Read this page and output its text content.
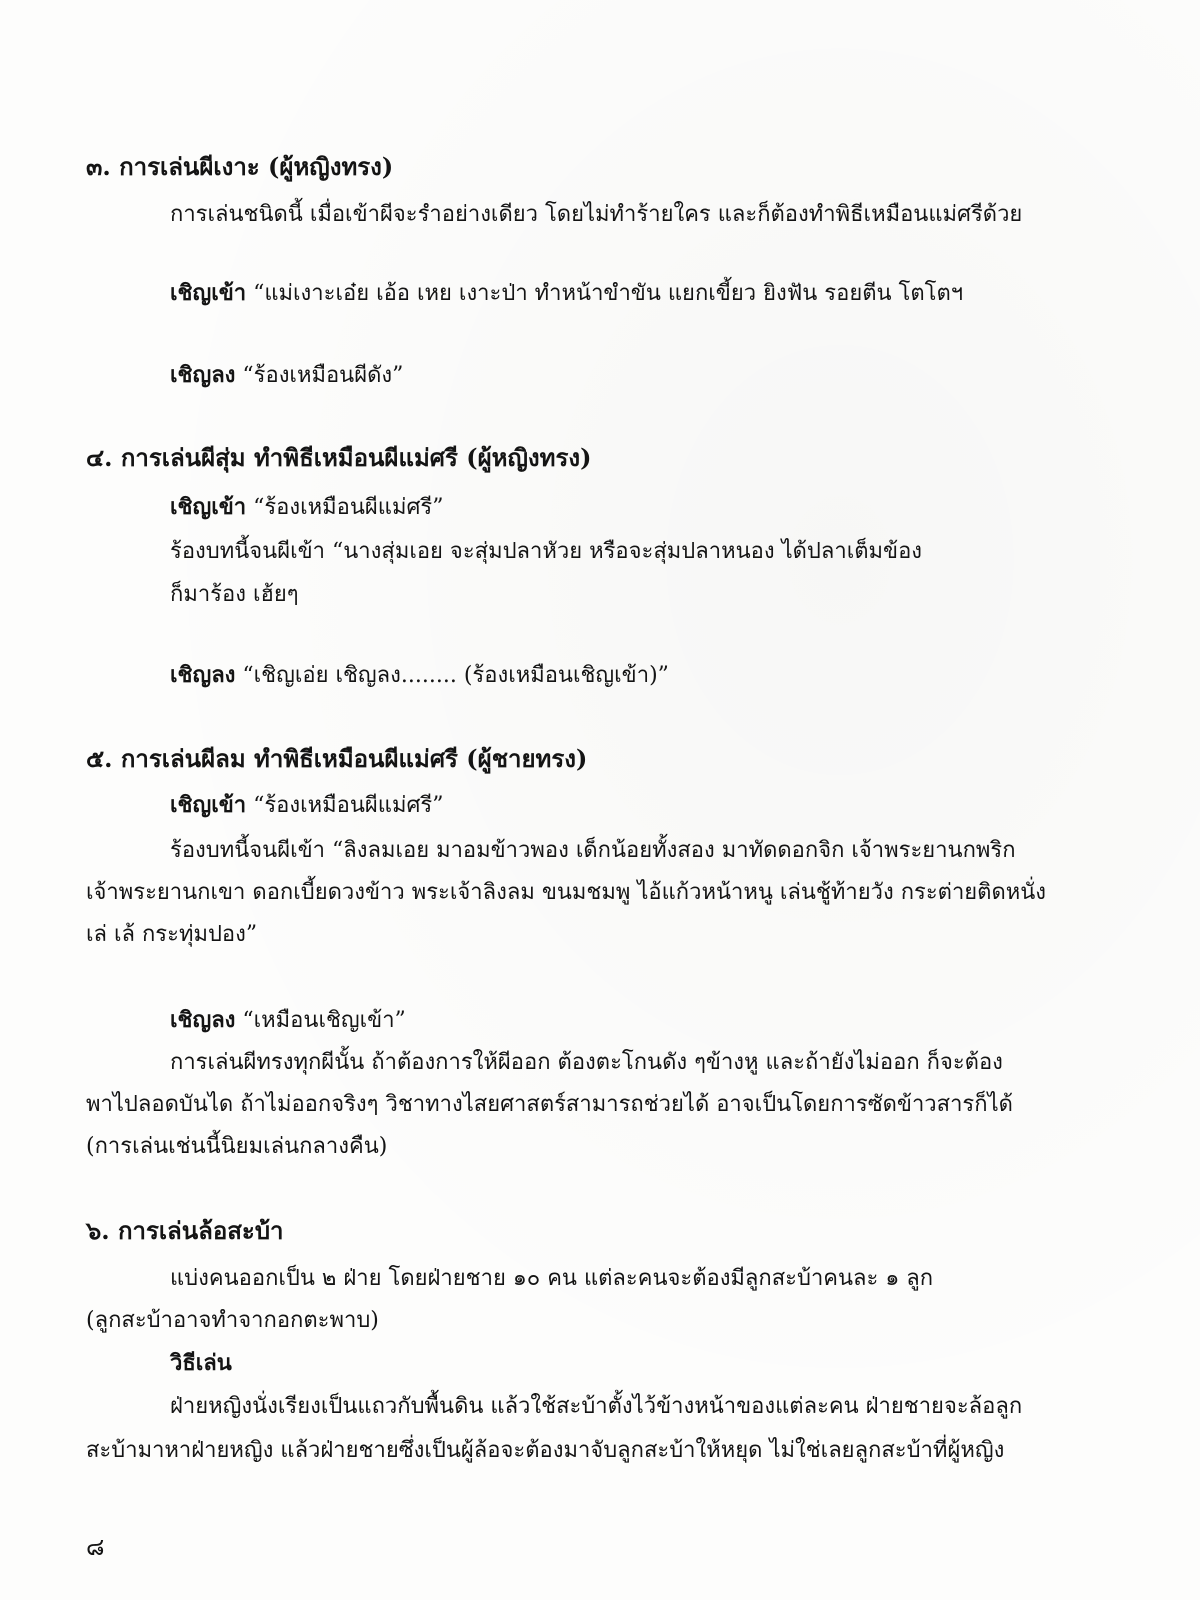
๓. การเล่นผีเงาะ (ผู้หญิงทรง)
การเล่นชนิดนี้ เมื่อเข้าผีจะรำอย่างเดียว โดยไม่ทำร้ายใคร และก็ต้องทำพิธีเหมือนแม่ศรีด้วย
เชิญเข้า “แม่เงาะเอ๋ย เอ้อ เหย เงาะป่า ทำหน้าขำขัน แยกเขี้ยว ยิงฟัน รอยตีน โตโตฯ
เชิญลง “ร้องเหมือนผีดัง”
๔. การเล่นผีสุ่ม ทำพิธีเหมือนผีแม่ศรี (ผู้หญิงทรง)
เชิญเข้า “ร้องเหมือนผีแม่ศรี”
ร้องบทนี้จนผีเข้า “นางสุ่มเอย จะสุ่มปลาหัวย หรือจะสุ่มปลาหนอง ได้ปลาเต็มข้อง
ก็มาร้อง เฮ้ยๆ
เชิญลง “เชิญเอ่ย เชิญลง........ (ร้องเหมือนเชิญเข้า)”
๕. การเล่นผีลม ทำพิธีเหมือนผีแม่ศรี (ผู้ชายทรง)
เชิญเข้า “ร้องเหมือนผีแม่ศรี”
ร้องบทนี้จนผีเข้า “ลิงลมเอย มาอมข้าวพอง เด็กน้อยทั้งสอง มาทัดดอกจิก เจ้าพระยานกพริก
เจ้าพระยานกเขา ดอกเบี้ยดวงข้าว พระเจ้าลิงลม ขนมชมพู ไอ้แก้วหน้าหนู เล่นชู้ท้ายวัง กระต่ายติดหนั่ง
เล่ เล้ กระทุ่มปอง”
เชิญลง “เหมือนเชิญเข้า”
การเล่นผีทรงทุกผีนั้น ถ้าต้องการให้ผีออก ต้องตะโกนดัง ๆข้างหู และถ้ายังไม่ออก ก็จะต้อง
พาไปลอดบันได ถ้าไม่ออกจริงๆ วิชาทางไสยศาสตร์สามารถช่วยได้ อาจเป็นโดยการซัดข้าวสารก็ได้
(การเล่นเช่นนี้นิยมเล่นกลางคืน)
๖. การเล่นล้อสะบ้า
แบ่งคนออกเป็น ๒ ฝ่าย โดยฝ่ายชาย ๑๐ คน แต่ละคนจะต้องมีลูกสะบ้าคนละ ๑ ลูก
(ลูกสะบ้าอาจทำจากอกตะพาบ)
วิธีเล่น
ฝ่ายหญิงนั่งเรียงเป็นแถวกับพื้นดิน แล้วใช้สะบ้าตั้งไว้ข้างหน้าของแต่ละคน ฝ่ายชายจะล้อลูก
สะบ้ามาหาฝ่ายหญิง แล้วฝ่ายชายซึ่งเป็นผู้ล้อจะต้องมาจับลูกสะบ้าให้หยุด ไม่ใช่เลยลูกสะบ้าที่ผู้หญิง
๘
